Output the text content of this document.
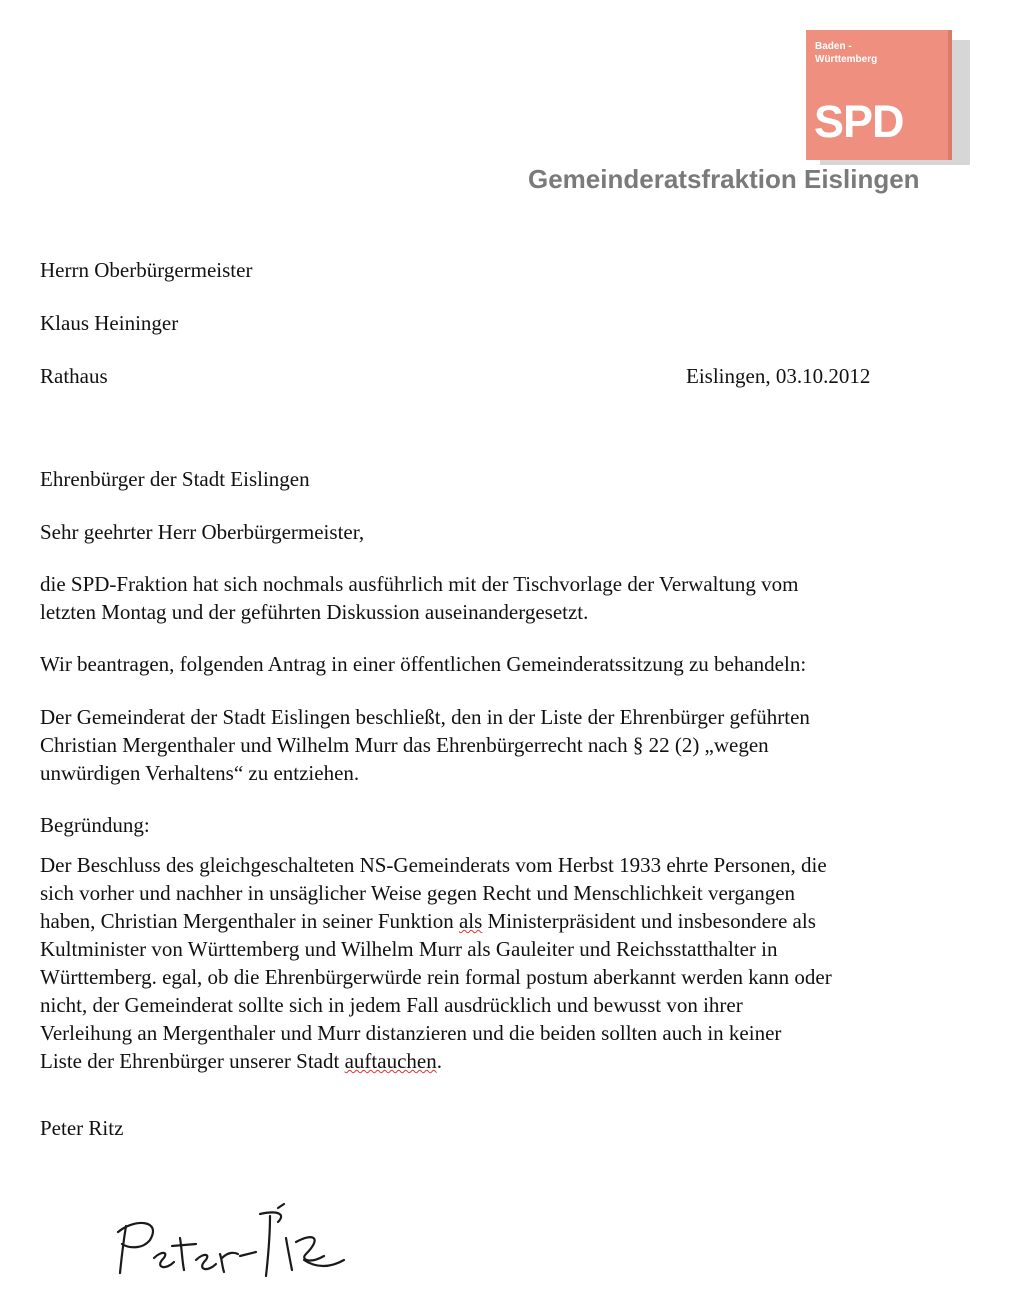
Baden -
Württemberg
SPD
Gemeinderatsfraktion Eislingen
Herrn Oberbürgermeister
Klaus Heininger
Rathaus	Eislingen, 03.10.2012
Ehrenbürger der Stadt Eislingen
Sehr geehrter Herr Oberbürgermeister,
die SPD-Fraktion hat sich nochmals ausführlich mit der Tischvorlage der Verwaltung vom
letzten Montag und der geführten Diskussion auseinandergesetzt.
Wir beantragen, folgenden Antrag in einer öffentlichen Gemeinderatssitzung zu behandeln:
Der Gemeinderat der Stadt Eislingen beschließt, den in der Liste der Ehrenbürger geführten
Christian Mergenthaler und Wilhelm Murr das Ehrenbürgerrecht nach § 22 (2) „wegen
unwürdigen Verhaltens“ zu entziehen.
Begründung:
Der Beschluss des gleichgeschalteten NS-Gemeinderats vom Herbst 1933 ehrte Personen, die
sich vorher und nachher in unsäglicher Weise gegen Recht und Menschlichkeit vergangen
haben, Christian Mergenthaler in seiner Funktion als Ministerpräsident und insbesondere als
Kultminister von Württemberg und Wilhelm Murr als Gauleiter und Reichsstatthalter in
Württemberg. egal, ob die Ehrenbürgerwürde rein formal postum aberkannt werden kann oder
nicht, der Gemeinderat sollte sich in jedem Fall ausdrücklich und bewusst von ihrer
Verleihung an Mergenthaler und Murr distanzieren und die beiden sollten auch in keiner
Liste der Ehrenbürger unserer Stadt auftauchen.
Peter Ritz
